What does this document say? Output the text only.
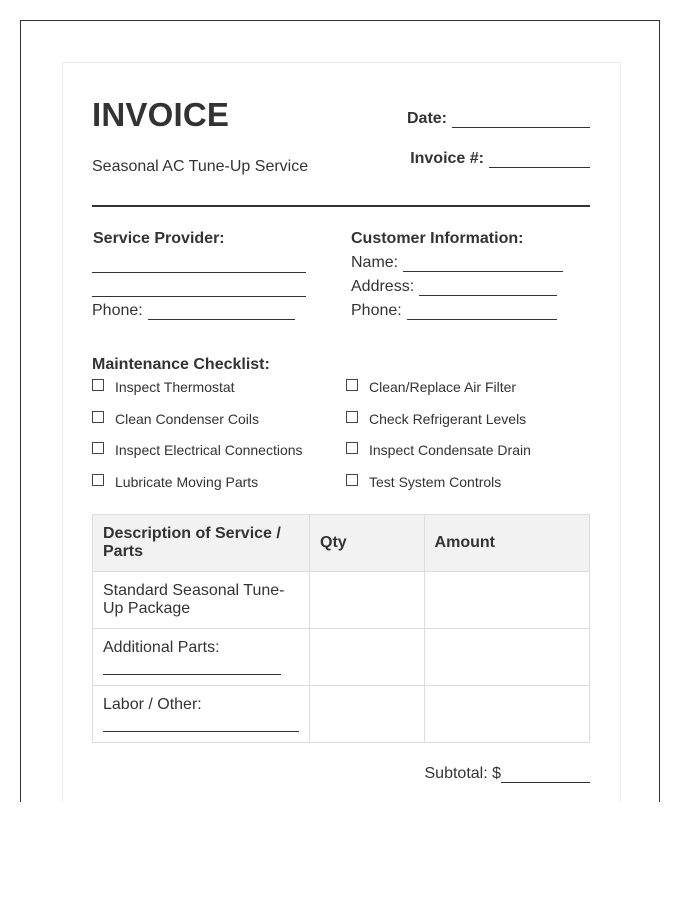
INVOICE
Seasonal AC Tune-Up Service
Date:
Invoice #:
Service Provider:
Phone:
Customer Information:
Name:
Address:
Phone:
Maintenance Checklist:
Inspect Thermostat	Clean/Replace Air Filter
Clean Condenser Coils	Check Refrigerant Levels
Inspect Electrical Connections	Inspect Condensate Drain
Lubricate Moving Parts	Test System Controls
Description of Service / Parts	Qty	Amount
Standard Seasonal Tune-Up Package		
Additional Parts:

Labor / Other:

Subtotal: $
